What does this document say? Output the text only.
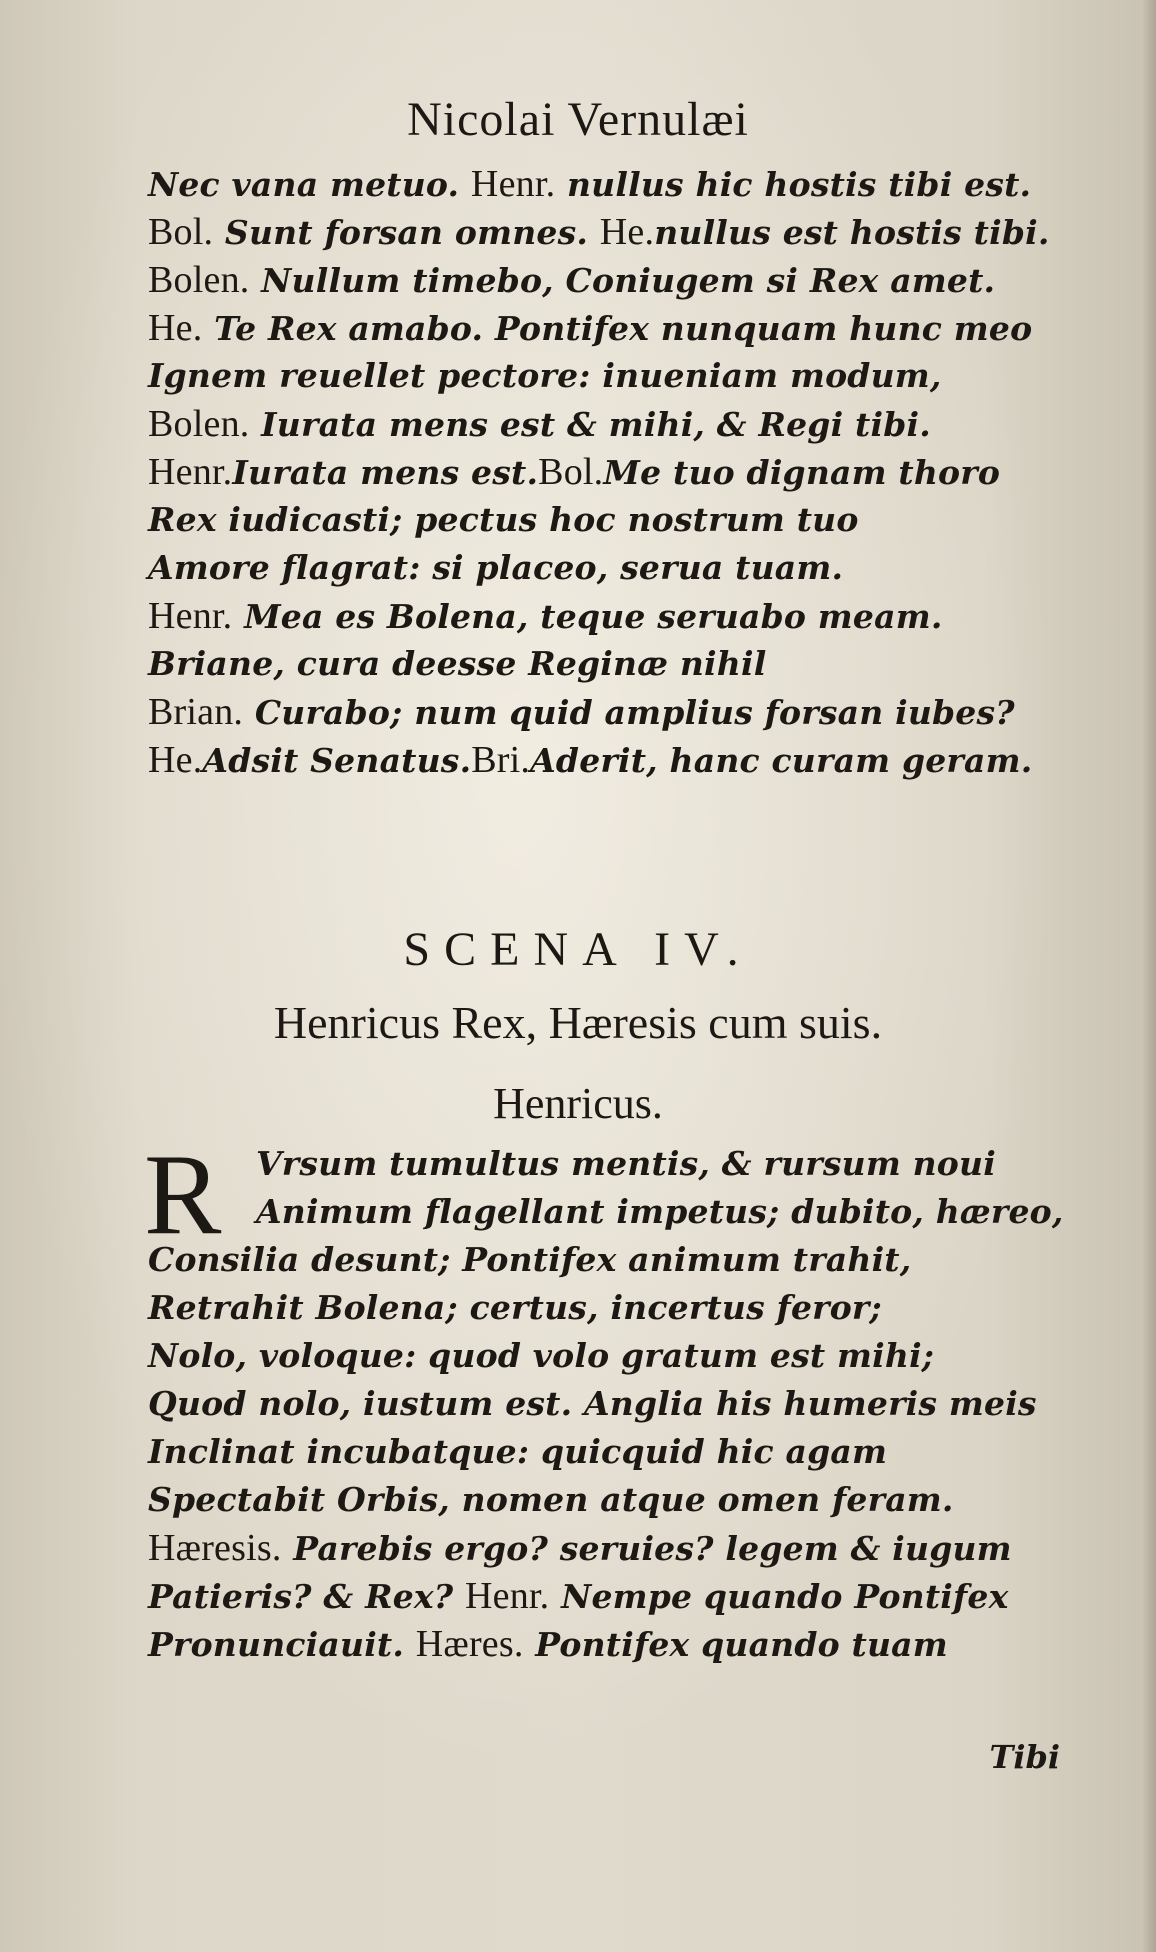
Nicolai Vernulæi
Nec vana metuo. Henr. nullus hic hostis tibi est.
Bol. Sunt forsan omnes. He.nullus est hostis tibi.
Bolen. Nullum timebo, Coniugem si Rex amet.
He. Te Rex amabo. Pontifex nunquam hunc meo
Ignem reuellet pectore: inueniam modum,
Bolen. Iurata mens est & mihi, & Regi tibi.
Henr.Iurata mens est.Bol.Me tuo dignam thoro
Rex iudicasti; pectus hoc nostrum tuo
Amore flagrat: si placeo, serua tuam.
Henr. Mea es Bolena, teque seruabo meam.
Briane, cura deesse Reginæ nihil
Brian. Curabo; num quid amplius forsan iubes?
He.Adsit Senatus.Bri.Aderit, hanc curam geram.
SCENA IV.
Henricus Rex, Hæresis cum suis.
Henricus.
R	Vrsum tumultus mentis, & rursum noui
Animum flagellant impetus; dubito, hæreo,
Consilia desunt; Pontifex animum trahit,
Retrahit Bolena; certus, incertus feror;
Nolo, voloque: quod volo gratum est mihi;
Quod nolo, iustum est. Anglia his humeris meis
Inclinat incubatque: quicquid hic agam
Spectabit Orbis, nomen atque omen feram.
Hæresis. Parebis ergo? seruies? legem & iugum
Patieris? & Rex? Henr. Nempe quando Pontifex
Pronunciauit. Hæres. Pontifex quando tuam
Tibi
